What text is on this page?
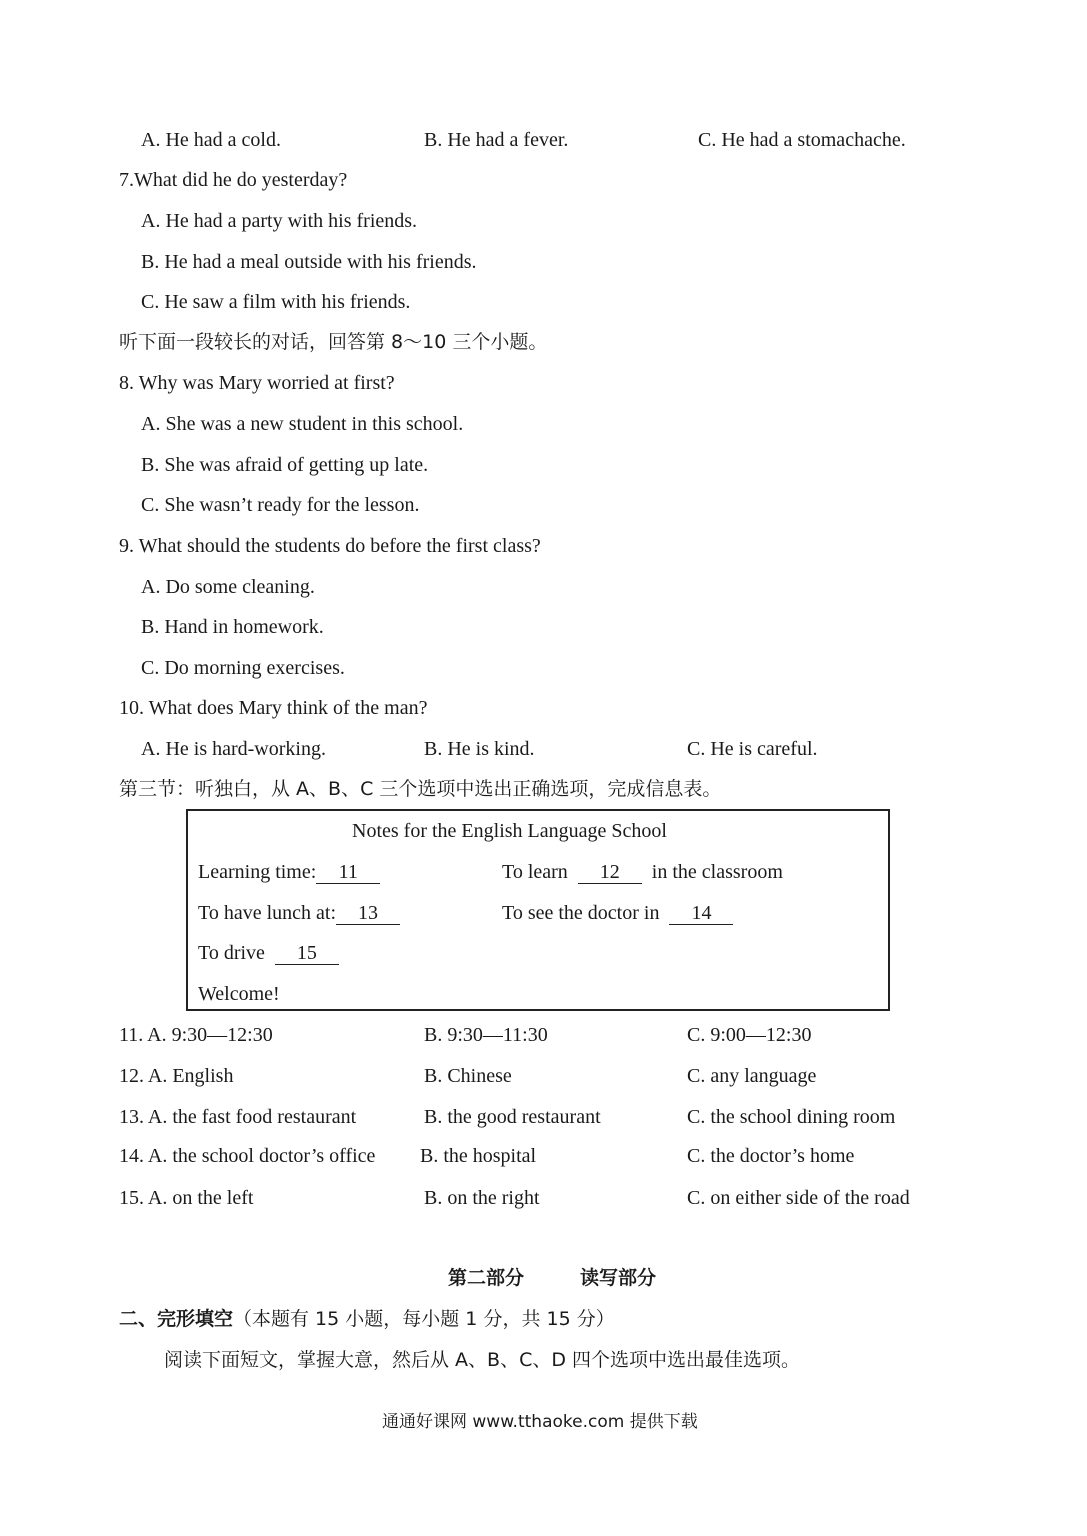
A. He had a cold.	B. He had a fever.	C. He had a stomachache.
7.What did he do yesterday?
A. He had a party with his friends.
B. He had a meal outside with his friends.
C. He saw a film with his friends.
听下面一段较长的对话，回答第 8～10 三个小题。
8. Why was Mary worried at first?
A. She was a new student in this school.
B. She was afraid of getting up late.
C. She wasn’t ready for the lesson.
9. What should the students do before the first class?
A. Do some cleaning.
B. Hand in homework.
C. Do morning exercises.
10. What does Mary think of the man?
A. He is hard-working.	B. He is kind.	C. He is careful.
第三节：听独白，从 A、B、C 三个选项中选出正确选项，完成信息表。
Notes for the English Language School
Learning time: 11	To learn 12 in the classroom
To have lunch at: 13	To see the doctor in 14
To drive 15
Welcome!
11. A. 9:30—12:30	B. 9:30—11:30	C. 9:00—12:30
12. A. English	B. Chinese	C. any language
13. A. the fast food restaurant	B. the good restaurant	C. the school dining room
14. A. the school doctor’s office B. the hospital	C. the doctor’s home
15. A. on the left	B. on the right	C. on either side of the road
第二部分	读写部分
二、完形填空（本题有 15 小题，每小题 1 分，共 15 分）
阅读下面短文，掌握大意，然后从 A、B、C、D 四个选项中选出最佳选项。
通通好课网 www.tthaoke.com 提供下载
